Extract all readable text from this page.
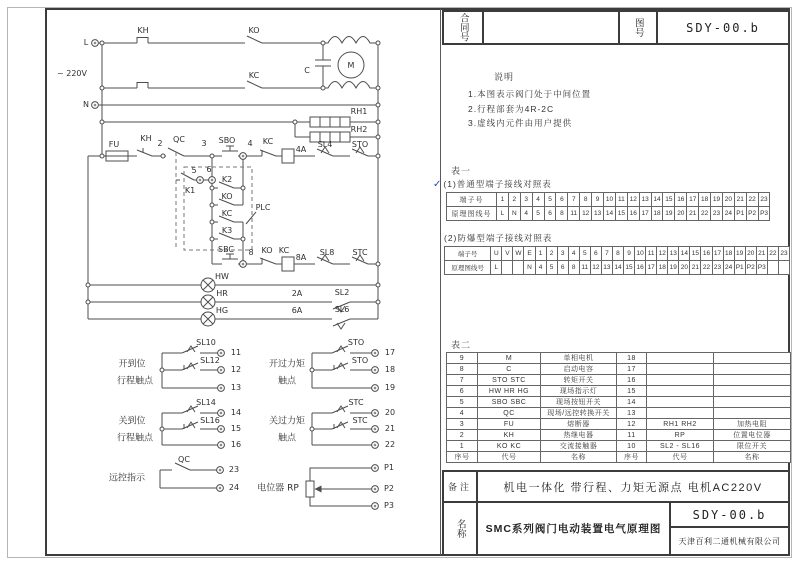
L
~ 220V
N
KH	KO
KC
C
M
RH1
RH2
FU
KH
2 QC 3 SBO 4 KC
4A
SL4 STO
5 6
K1
K2
KO
KC
K3
PLC
SBC 8 KO KC
8A
SL8 STC
HW
HR
HG
2A	SL2
6A	SL6
开到位
行程触点
SL10
11
SL12
12
13
关到位
行程触点
SL14
14
SL16
15
16
开过力矩
触点
STO
17
STO
18
19
关过力矩
触点
STC
20
STC
21
22
远控指示
QC
23
24 电位器 RP
P1
P2
P3
合同号	图号	SDY-00.b
说明
1.本图表示阀门处于中间位置
2.行程部套为4R-2C
3.虚线内元件由用户提供
表一
✓(1)普通型端子接线对照表
端子号	1	2	3	4	5	6	7	8	9	10	11	12	13	14	15	16	17	18	19	20	21	22	23
原理图线号	L	N	4	5	6	8	11	12	13	14	15	16	17	18	19	20	21	22	23	24	P1	P2	P3
(2)防爆型端子接线对照表
端子号	U	V	W	E	1	2	3	4	5	6	7	8	9	10	11	12	13	14	15	16	17	18	19	20	21	22	23
原理图线号	L			N	4	5	6	8	11	12	13	14	15	16	17	18	19	20	21	22	23	24	P1	P2	P3		
表二
9	M	单相电机	18		
8	C	启动电容	17		
7	STO STC	转矩开关	16		
6	HW HR HG	现场指示灯	15		
5	SBO SBC	现场按钮开关	14		
4	QC	现场/远控转换开关	13		
3	FU	熔断器	12	RH1 RH2	加热电阻
2	KH	热继电器	11	RP	位置电位器
1	KO KC	交流接触器	10	SL2 - SL16	限位开关
序号	代号	名称	序号	代号	名称
备注	机电一体化 带行程、力矩无源点 电机AC220V
名称	SMC系列阀门电动装置电气原理图
SDY-00.b
天津百利二通机械有限公司
